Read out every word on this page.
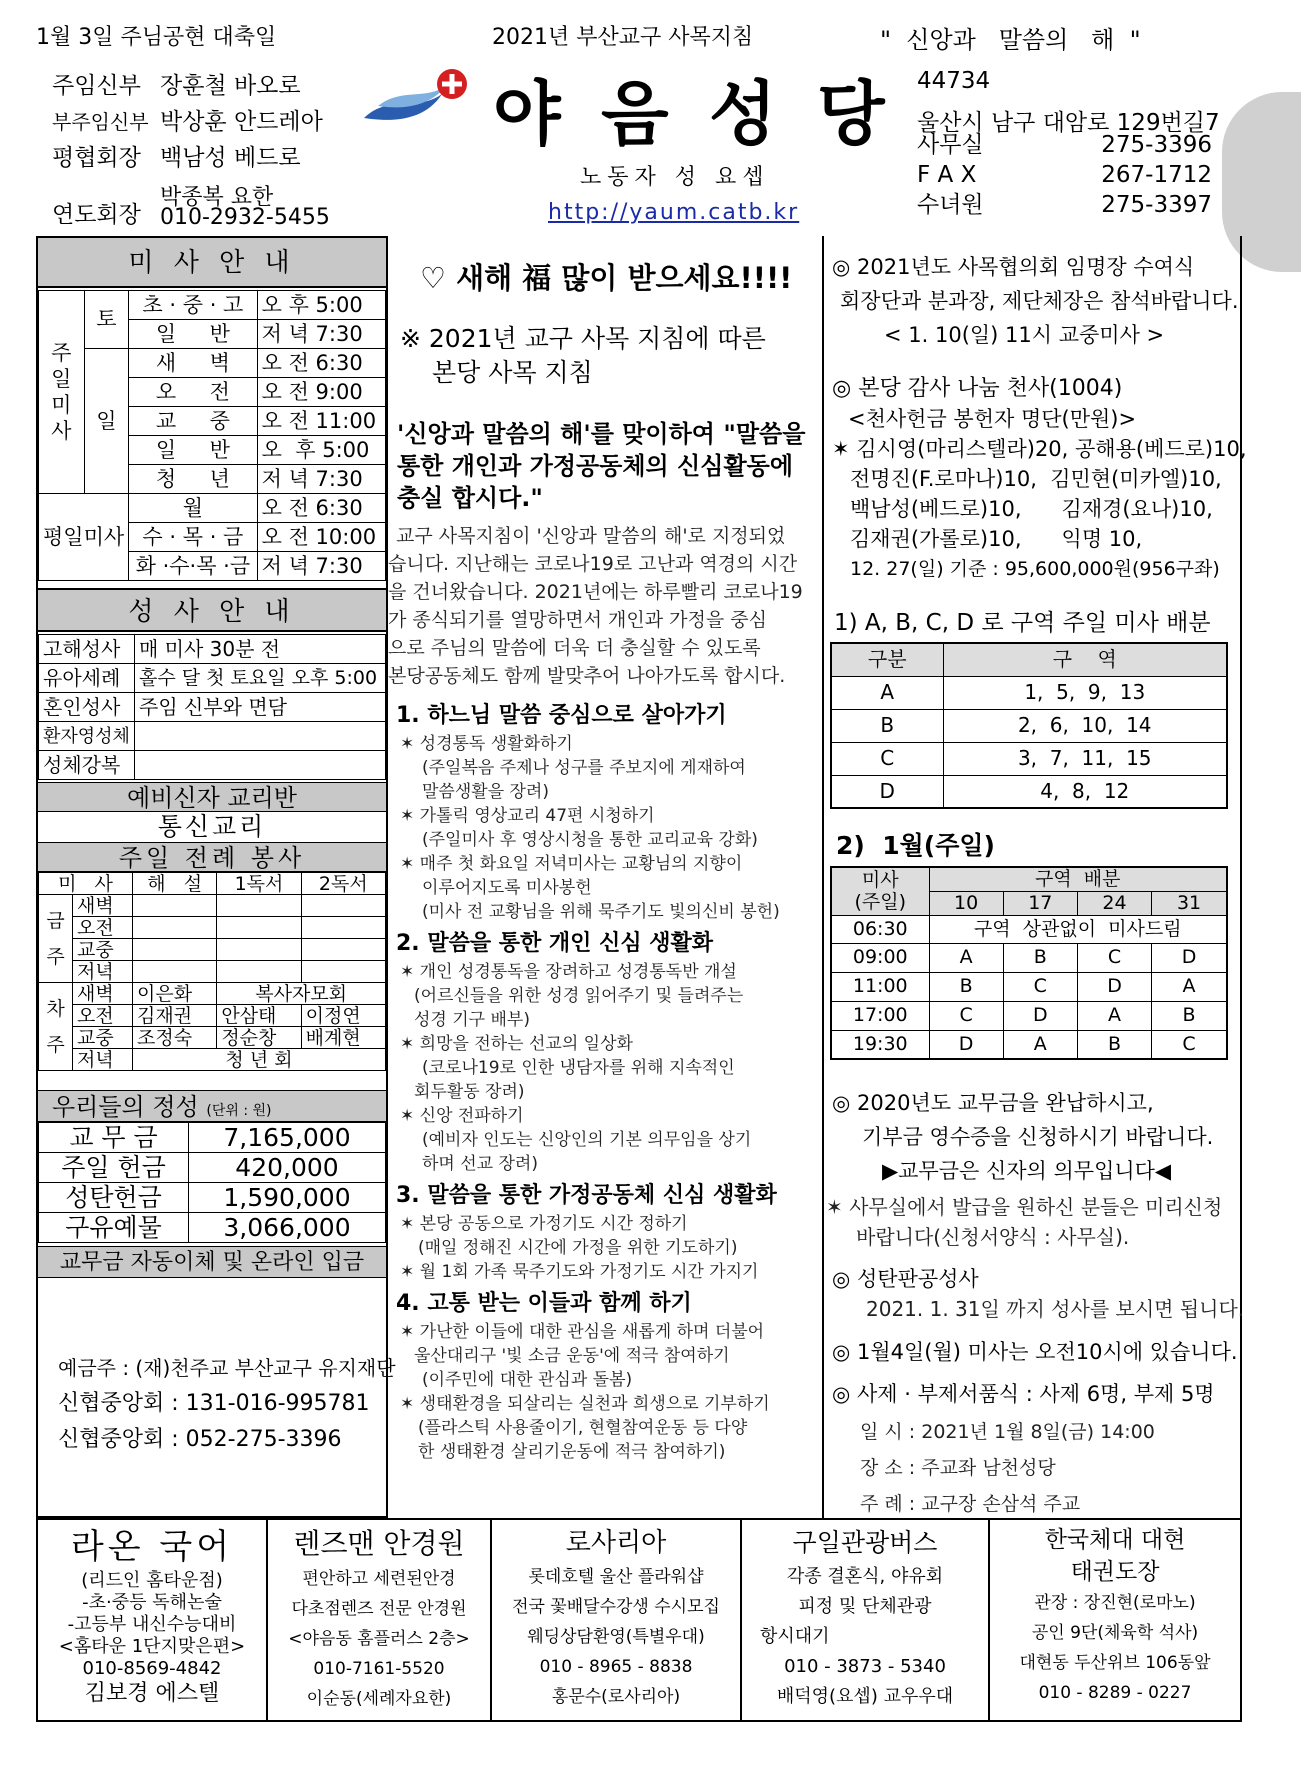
1월 3일 주님공현 대축일	2021년 부산교구 사목지침	"  신앙과   말씀의   해  "
주임신부 장훈철 바오로
부주임신부 박상훈 안드레아
평협회장 백남성 베드로
연도회장
박종복 요한
010-2932-5455
야 음 성 당
노동자 성 요셉
http://yaum.catb.kr
44734
울산시 남구 대암로 129번길7
사무실	275-3396
F A X	267-1712
수녀원	275-3397
미 사 안 내
주일미사	토	초 · 중 · 고	오 후 5:00
		일     반	저 녁 7:30
	일	새     벽	오 전 6:30
		오     전	오 전 9:00
		교     중	오 전 11:00
		일     반	오  후 5:00
		청     년	저 녁 7:30
평일미사		월	오 전 6:30
		수 · 목 · 금	오 전 10:00
		화 ·수·목 ·금	저 녁 7:30
성 사 안 내
고해성사	매 미사 30분 전
유아세례	홀수 달 첫 토요일 오후 5:00
혼인성사	주임 신부와 면담
환자영성체	
성체강복	
예비신자 교리반
통신교리
주일 전례 봉사
미   사		해   설	1독서	2독서
금주	새벽			
	오전			
	교중			
	저녁			
차주	새벽	이은화	복사자모회	
	오전	김재권	안삼태	이정연
	교중	조정숙	정순창	배계현
	저녁	청 년 회		
우리들의 정성 (단위 : 원)
교 무 금	7,165,000
주일 헌금	420,000
성탄헌금	1,590,000
구유예물	3,066,000
교무금 자동이체 및 온라인 입금
예금주 : (재)천주교 부산교구 유지재단
신협중앙회 : 131-016-995781
신협중앙회 : 052-275-3396
♡ 새해 福 많이 받으세요!!!!
※ 2021년 교구 사목 지침에 따른
본당 사목 지침
'신앙과 말씀의 해'를 맞이하여 "말씀을
통한 개인과 가정공동체의 신심활동에
충실 합시다."
교구 사목지침이 '신앙과 말씀의 해'로 지정되었
습니다. 지난해는 코로나19로 고난과 역경의 시간
을 건너왔습니다. 2021년에는 하루빨리 코로나19
가 종식되기를 열망하면서 개인과 가정을 중심
으로 주님의 말씀에 더욱 더 충실할 수 있도록
본당공동체도 함께 발맞추어 나아가도록 합시다.
1. 하느님 말씀 중심으로 살아가기
✶ 성경통독 생활화하기
(주일복음 주제나 성구를 주보지에 게재하여
말씀생활을 장려)
✶ 가톨릭 영상교리 47편 시청하기
(주일미사 후 영상시청을 통한 교리교육 강화)
✶ 매주 첫 화요일 저녁미사는 교황님의 지향이
이루어지도록 미사봉헌
(미사 전 교황님을 위해 묵주기도 빛의신비 봉헌)
2. 말씀을 통한 개인 신심 생활화
✶ 개인 성경통독을 장려하고 성경통독반 개설
(어르신들을 위한 성경 읽어주기 및 들려주는
성경 기구 배부)
✶ 희망을 전하는 선교의 일상화
(코로나19로 인한 냉담자를 위해 지속적인
회두활동 장려)
✶ 신앙 전파하기
(예비자 인도는 신앙인의 기본 의무임을 상기
하며 선교 장려)
3. 말씀을 통한 가정공동체 신심 생활화
✶ 본당 공동으로 가정기도 시간 정하기
(매일 정해진 시간에 가정을 위한 기도하기)
✶ 월 1회 가족 묵주기도와 가정기도 시간 가지기
4. 고통 받는 이들과 함께 하기
✶ 가난한 이들에 대한 관심을 새롭게 하며 더불어
울산대리구 '빛 소금 운동'에 적극 참여하기
(이주민에 대한 관심과 돌봄)
✶ 생태환경을 되살리는 실천과 희생으로 기부하기
(플라스틱 사용줄이기, 현혈참여운동 등 다양
한 생태환경 살리기운동에 적극 참여하기)
◎ 2021년도 사목협의회 임명장 수여식
회장단과 분과장, 제단체장은 참석바랍니다.
< 1. 10(일) 11시 교중미사 >
◎ 본당 감사 나눔 천사(1004)
<천사헌금 봉헌자 명단(만원)>
✶ 김시영(마리스텔라)20, 공해용(베드로)10,
전명진(F.로마나)10,  김민현(미카엘)10,
백남성(베드로)10,      김재경(요나)10,
김재권(가롤로)10,      익명 10,
12. 27(일) 기준 : 95,600,000원(956구좌)
1) A, B, C, D 로 구역 주일 미사 배분
구분	구    역
A	1,  5,  9,  13
B	2,  6,  10,  14
C	3,  7,  11,  15
D	4,  8,  12
2)  1월(주일)
미사
(주일)	구역  배분			
	10	17	24	31
06:30	구역  상관없이  미사드림			
09:00	A	B	C	D
11:00	B	C	D	A
17:00	C	D	A	B
19:30	D	A	B	C
◎ 2020년도 교무금을 완납하시고,
기부금 영수증을 신청하시기 바랍니다.
▶교무금은 신자의 의무입니다◀
✶ 사무실에서 발급을 원하신 분들은 미리신청
바랍니다(신청서양식 : 사무실).
◎ 성탄판공성사
2021. 1. 31일 까지 성사를 보시면 됩니다.
◎ 1월4일(월) 미사는 오전10시에 있습니다.
◎ 사제 · 부제서품식 : 사제 6명, 부제 5명
일 시 : 2021년 1월 8일(금) 14:00
장 소 : 주교좌 남천성당
주 례 : 교구장 손삼석 주교
라온 국어
(리드인 홈타운점)
-초·중등 독해논술
-고등부 내신수능대비
<홈타운 1단지맞은편>
010-8569-4842
김보경 에스텔
렌즈맨 안경원
편안하고 세련된안경
다초점렌즈 전문 안경원
<야음동 홈플러스 2층>
010-7161-5520
이순동(세례자요한)
로사리아
롯데호텔 울산 플라워샵
전국 꽃배달수강생 수시모집
웨딩상담환영(특별우대)
010 - 8965 - 8838
홍문수(로사리아)
구일관광버스
각종 결혼식, 야유회
피정 및 단체관광
항시대기
010 - 3873 - 5340
배덕영(요셉) 교우우대
한국체대 대현
태권도장
관장 : 장진현(로마노)
공인 9단(체육학 석사)
대현동 두산위브 106동앞
010 - 8289 - 0227
